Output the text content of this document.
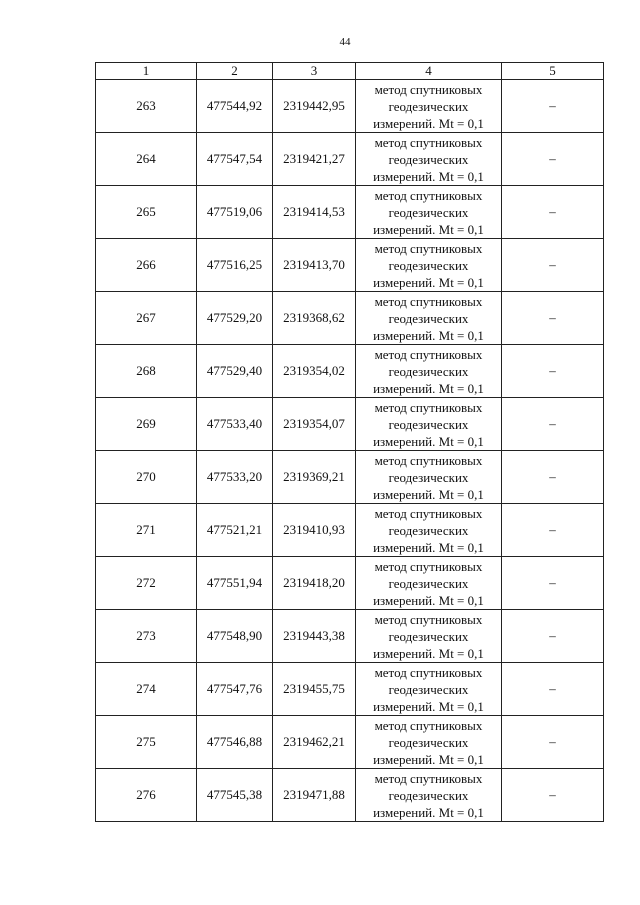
44
1	2	3	4	5
263	477544,92	2319442,95	метод спутниковых
геодезических
измерений. Mt = 0,1	–
264	477547,54	2319421,27	метод спутниковых
геодезических
измерений. Mt = 0,1	–
265	477519,06	2319414,53	метод спутниковых
геодезических
измерений. Mt = 0,1	–
266	477516,25	2319413,70	метод спутниковых
геодезических
измерений. Mt = 0,1	–
267	477529,20	2319368,62	метод спутниковых
геодезических
измерений. Mt = 0,1	–
268	477529,40	2319354,02	метод спутниковых
геодезических
измерений. Mt = 0,1	–
269	477533,40	2319354,07	метод спутниковых
геодезических
измерений. Mt = 0,1	–
270	477533,20	2319369,21	метод спутниковых
геодезических
измерений. Mt = 0,1	–
271	477521,21	2319410,93	метод спутниковых
геодезических
измерений. Mt = 0,1	–
272	477551,94	2319418,20	метод спутниковых
геодезических
измерений. Mt = 0,1	–
273	477548,90	2319443,38	метод спутниковых
геодезических
измерений. Mt = 0,1	–
274	477547,76	2319455,75	метод спутниковых
геодезических
измерений. Mt = 0,1	–
275	477546,88	2319462,21	метод спутниковых
геодезических
измерений. Mt = 0,1	–
276	477545,38	2319471,88	метод спутниковых
геодезических
измерений. Mt = 0,1	–
